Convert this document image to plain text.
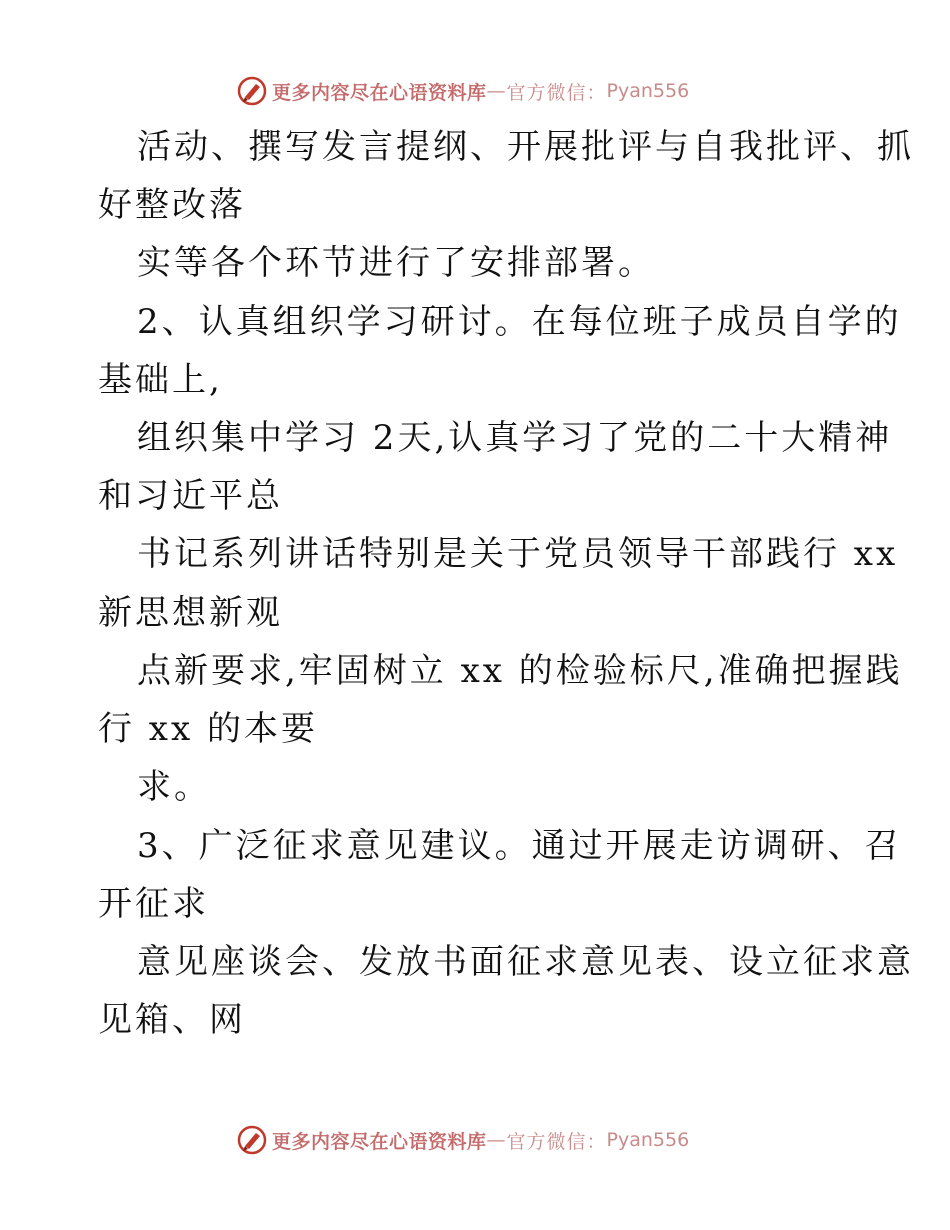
更多内容尽在心语资料库 — 官方微信： Pyan556
活动、撰写发言提纲、开展批评与自我批评、抓
好整改落
实等各个环节进行了安排部署。
2、认真组织学习研讨。在每位班子成员自学的
基础上,
组织集中学习 2天,认真学习了党的二十大精神
和习近平总
书记系列讲话特别是关于党员领导干部践行 xx
新思想新观
点新要求,牢固树立 xx 的检验标尺,准确把握践
行 xx 的本要
求。
3、广泛征求意见建议。通过开展走访调研、召
开征求
意见座谈会、发放书面征求意见表、设立征求意
见箱、网
更多内容尽在心语资料库 — 官方微信： Pyan556
